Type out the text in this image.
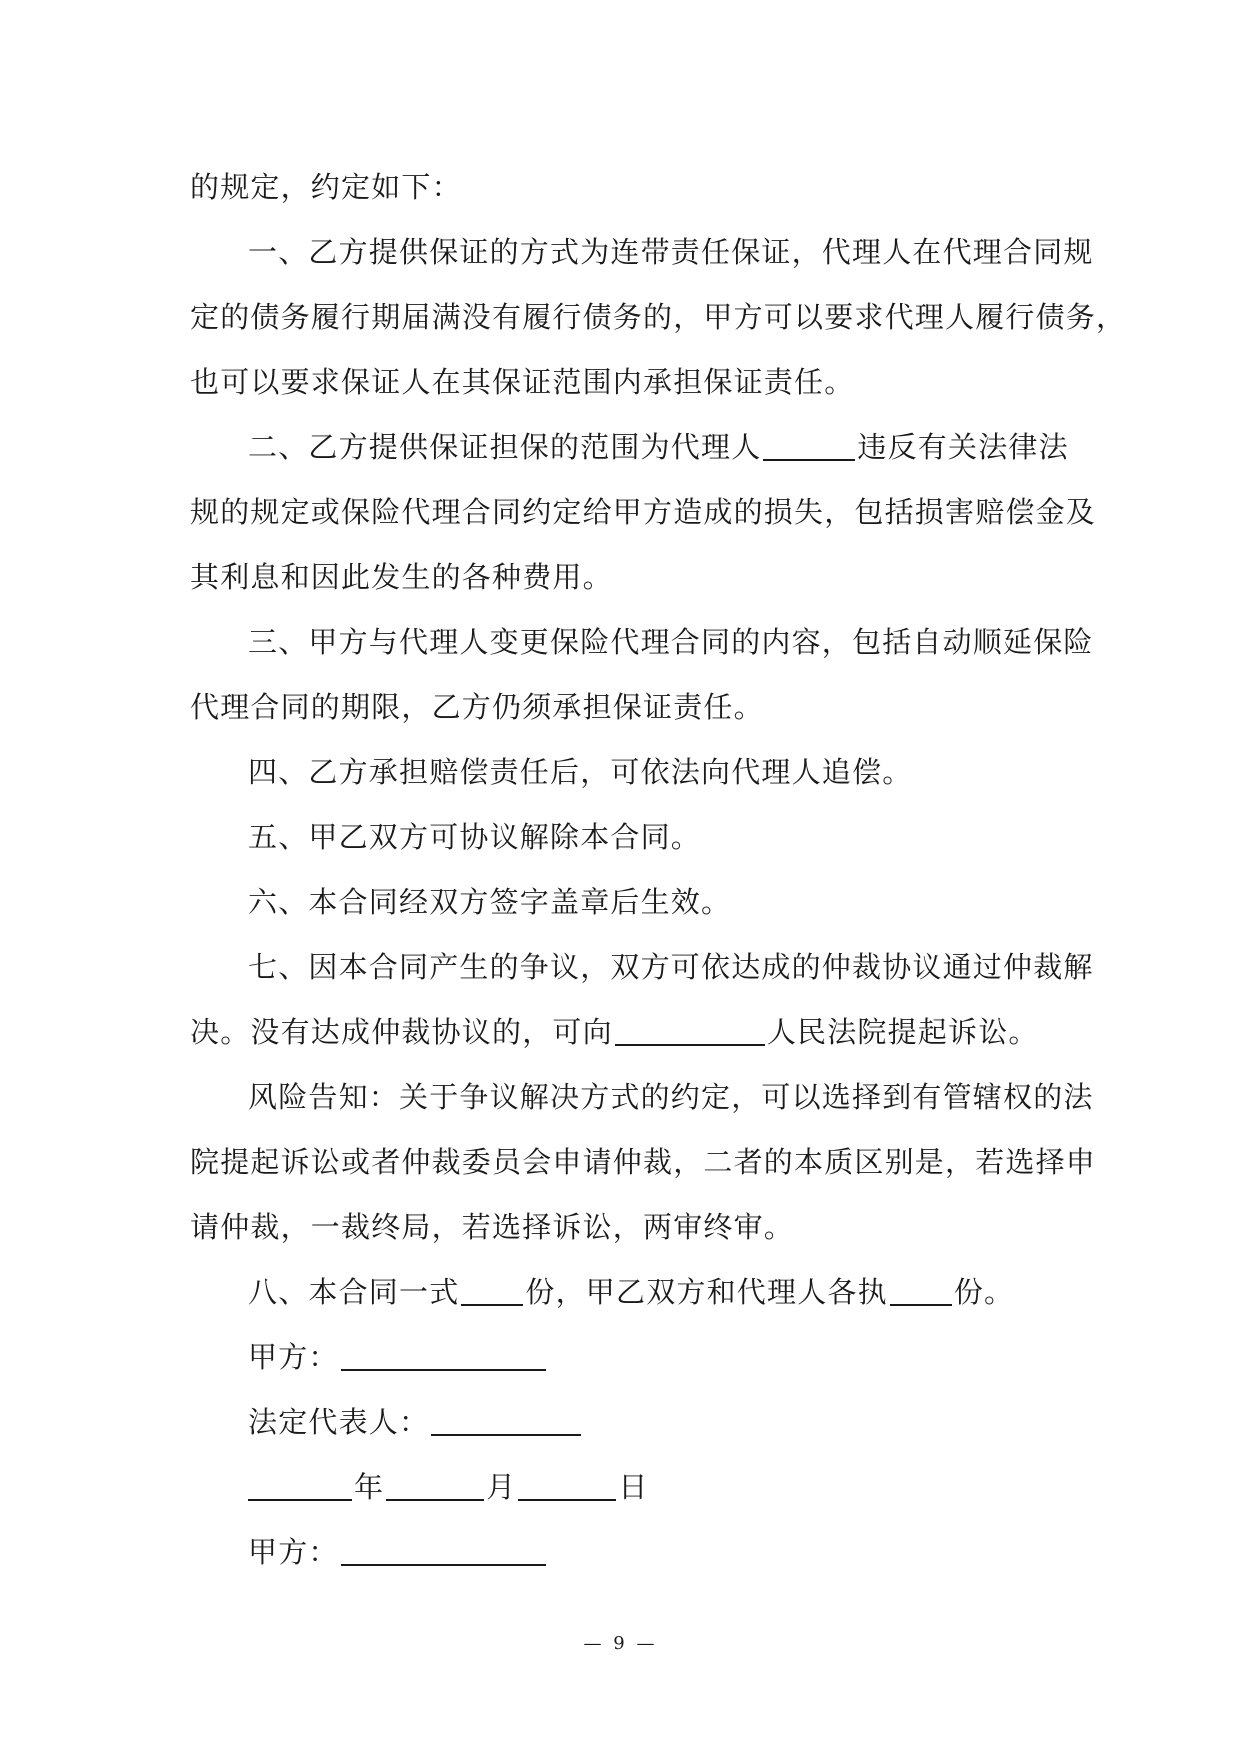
的规定，约定如下：
一、乙方提供保证的方式为连带责任保证，代理人在代理合同规
定的债务履行期届满没有履行债务的，甲方可以要求代理人履行债务，
也可以要求保证人在其保证范围内承担保证责任。
二、乙方提供保证担保的范围为代理人	违反有关法律法
规的规定或保险代理合同约定给甲方造成的损失，包括损害赔偿金及
其利息和因此发生的各种费用。
三、甲方与代理人变更保险代理合同的内容，包括自动顺延保险
代理合同的期限，乙方仍须承担保证责任。
四、乙方承担赔偿责任后，可依法向代理人追偿。
五、甲乙双方可协议解除本合同。
六、本合同经双方签字盖章后生效。
七、因本合同产生的争议，双方可依达成的仲裁协议通过仲裁解
决。没有达成仲裁协议的，可向	人民法院提起诉讼。
风险告知：关于争议解决方式的约定，可以选择到有管辖权的法
院提起诉讼或者仲裁委员会申请仲裁，二者的本质区别是，若选择申
请仲裁，一裁终局，若选择诉讼，两审终审。
八、本合同一式 份，甲乙双方和代理人各执 份。
甲方：
法定代表人：
年	月	日
甲方：
— 9 —
